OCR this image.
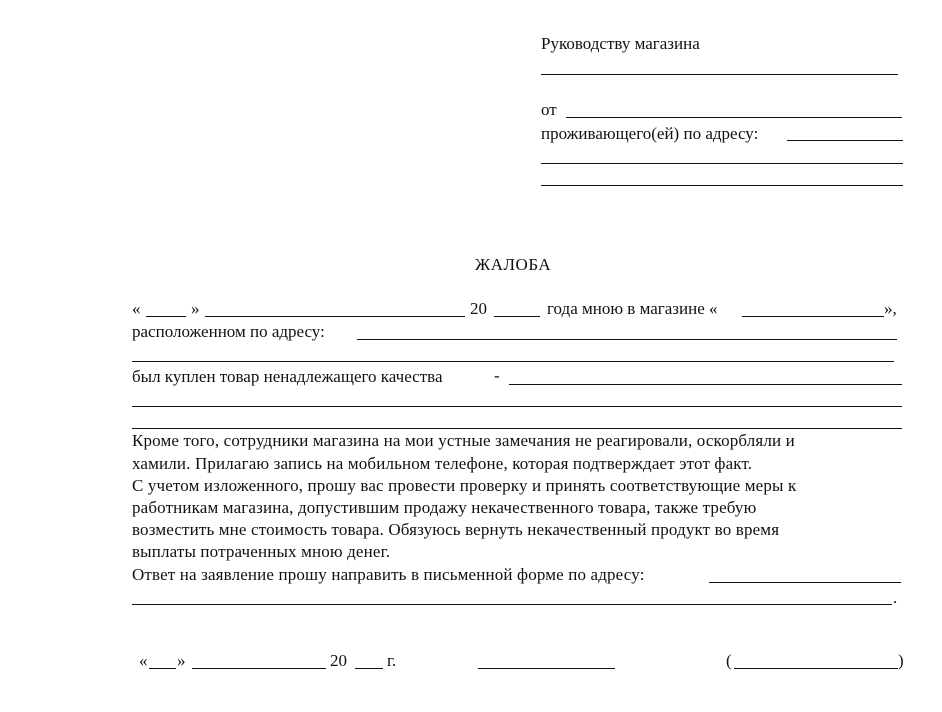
Руководству магазина
от
проживающего(ей) по адресу:
ЖАЛОБА
«	»	20	года мною в магазине «	»,
расположенном по адресу:
был куплен товар ненадлежащего качества	-
Кроме того, сотрудники магазина на мои устные замечания не реагировали, оскорбляли и
хамили. Прилагаю запись на мобильном телефоне, которая подтверждает этот факт.
С учетом изложенного, прошу вас провести проверку и принять соответствующие меры к
работникам магазина, допустившим продажу некачественного товара, также требую
возместить мне стоимость товара. Обязуюсь вернуть некачественный продукт во время
выплаты потраченных мною денег.
Ответ на заявление прошу направить в письменной форме по адресу:
.
« »	20 г.	(	)
